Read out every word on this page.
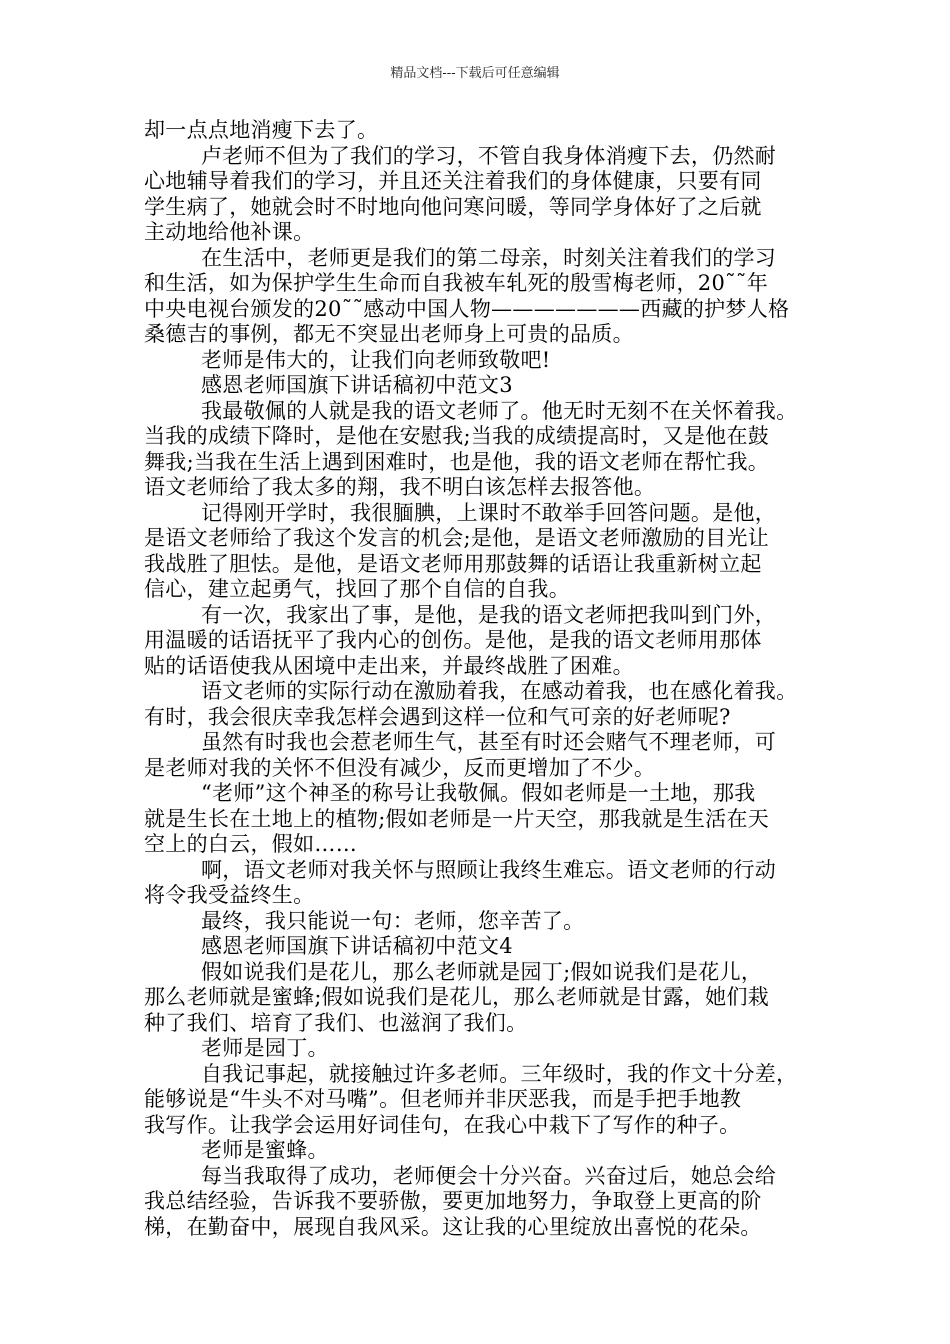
精品文档---下载后可任意编辑
却一点点地消瘦下去了。
卢老师不但为了我们的学习，不管自我身体消瘦下去，仍然耐
心地辅导着我们的学习，并且还关注着我们的身体健康，只要有同
学生病了，她就会时不时地向他问寒问暖，等同学身体好了之后就
主动地给他补课。
在生活中，老师更是我们的第二母亲，时刻关注着我们的学习
和生活，如为保护学生生命而自我被车轧死的殷雪梅老师，20˜˜年
中央电视台颁发的20˜˜感动中国人物———————西藏的护梦人格
桑德吉的事例，都无不突显出老师身上可贵的品质。
老师是伟大的，让我们向老师致敬吧!
感恩老师国旗下讲话稿初中范文3
我最敬佩的人就是我的语文老师了。他无时无刻不在关怀着我。
当我的成绩下降时，是他在安慰我;当我的成绩提高时，又是他在鼓
舞我;当我在生活上遇到困难时，也是他，我的语文老师在帮忙我。
语文老师给了我太多的翔，我不明白该怎样去报答他。
记得刚开学时，我很腼腆，上课时不敢举手回答问题。是他，
是语文老师给了我这个发言的机会;是他，是语文老师激励的目光让
我战胜了胆怯。是他，是语文老师用那鼓舞的话语让我重新树立起
信心，建立起勇气，找回了那个自信的自我。
有一次，我家出了事，是他，是我的语文老师把我叫到门外，
用温暖的话语抚平了我内心的创伤。是他，是我的语文老师用那体
贴的话语使我从困境中走出来，并最终战胜了困难。
语文老师的实际行动在激励着我，在感动着我，也在感化着我。
有时，我会很庆幸我怎样会遇到这样一位和气可亲的好老师呢?
虽然有时我也会惹老师生气，甚至有时还会赌气不理老师，可
是老师对我的关怀不但没有减少，反而更增加了不少。
“老师”这个神圣的称号让我敬佩。假如老师是一土地，那我
就是生长在土地上的植物;假如老师是一片天空，那我就是生活在天
空上的白云，假如……
啊，语文老师对我关怀与照顾让我终生难忘。语文老师的行动
将令我受益终生。
最终，我只能说一句：老师，您辛苦了。
感恩老师国旗下讲话稿初中范文4
假如说我们是花儿，那么老师就是园丁;假如说我们是花儿，
那么老师就是蜜蜂;假如说我们是花儿，那么老师就是甘露，她们栽
种了我们、培育了我们、也滋润了我们。
老师是园丁。
自我记事起，就接触过许多老师。三年级时，我的作文十分差，
能够说是“牛头不对马嘴”。但老师并非厌恶我，而是手把手地教
我写作。让我学会运用好词佳句，在我心中栽下了写作的种子。
老师是蜜蜂。
每当我取得了成功，老师便会十分兴奋。兴奋过后，她总会给
我总结经验，告诉我不要骄傲，要更加地努力，争取登上更高的阶
梯，在勤奋中，展现自我风采。这让我的心里绽放出喜悦的花朵。
